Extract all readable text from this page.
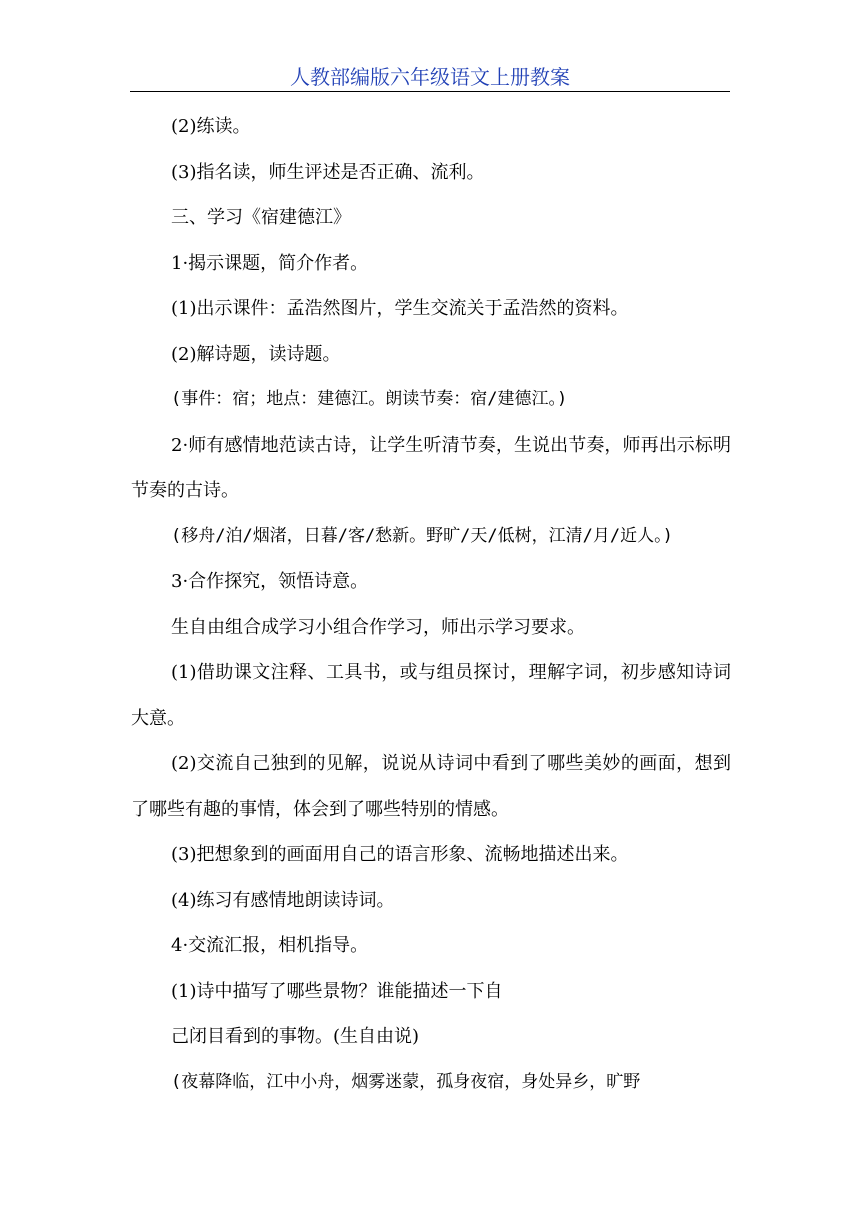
人教部编版六年级语文上册教案

(2)练读。

(3)指名读，师生评述是否正确、流利。

三、学习《宿建德江》

1·揭示课题，简介作者。

(1)出示课件：孟浩然图片，学生交流关于孟浩然的资料。

(2)解诗题，读诗题。

(事件：宿；地点：建德江。朗读节奏：宿/建德江。)

2·师有感情地范读古诗，让学生听清节奏，生说出节奏，师再出示标明节奏的古诗。

(移舟/泊/烟渚，日暮/客/愁新。野旷/天/低树，江清/月/近人。)

3·合作探究，领悟诗意。

生自由组合成学习小组合作学习，师出示学习要求。

(1)借助课文注释、工具书，或与组员探讨，理解字词，初步感知诗词大意。

(2)交流自己独到的见解，说说从诗词中看到了哪些美妙的画面，想到了哪些有趣的事情，体会到了哪些特别的情感。

(3)把想象到的画面用自己的语言形象、流畅地描述出来。

(4)练习有感情地朗读诗词。

4·交流汇报，相机指导。

(1)诗中描写了哪些景物？谁能描述一下自

己闭目看到的事物。(生自由说)

(夜幕降临，江中小舟，烟雾迷蒙，孤身夜宿，身处异乡，旷野
